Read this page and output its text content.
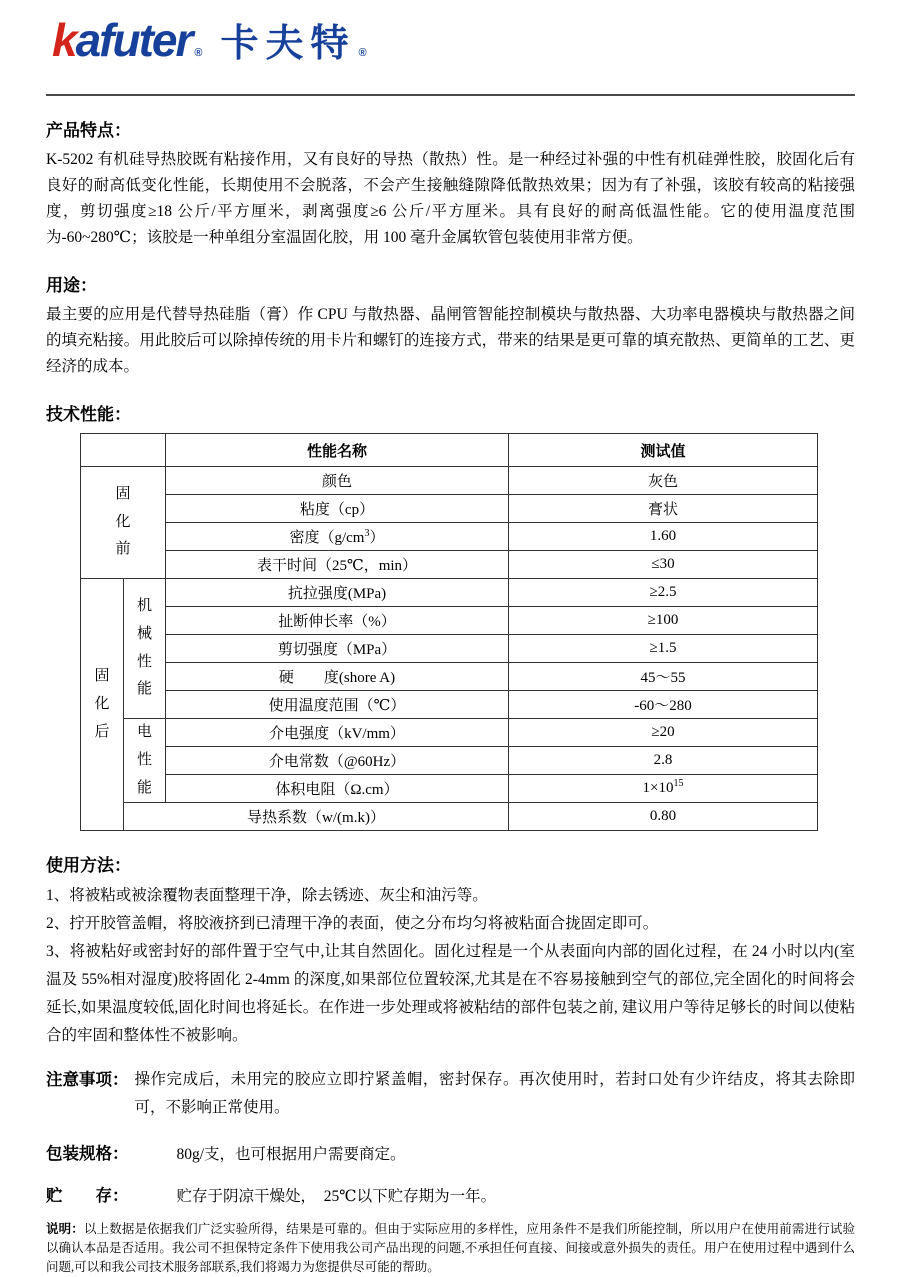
kafuter ® 卡夫特 ®
产品特点：

K-5202 有机硅导热胶既有粘接作用，又有良好的导热（散热）性。是一种经过补强的中性有机硅弹性胶，胶固化后有良好的耐高低变化性能，长期使用不会脱落，不会产生接触缝隙降低散热效果；因为有了补强，该胶有较高的粘接强度，剪切强度≥18 公斤/平方厘米，剥离强度≥6 公斤/平方厘米。具有良好的耐高低温性能。它的使用温度范围为-60~280℃；该胶是一种单组分室温固化胶，用 100 毫升金属软管包装使用非常方便。

用途：

最主要的应用是代替导热硅脂（膏）作 CPU 与散热器、晶闸管智能控制模块与散热器、大功率电器模块与散热器之间的填充粘接。用此胶后可以除掉传统的用卡片和螺钉的连接方式，带来的结果是更可靠的填充散热、更简单的工艺、更经济的成本。

技术性能：
		性能名称	测试值
固化前		颜色	灰色
		粘度（cp）	膏状
		密度$(g/cm^3)$	1.60
		表干时间（25℃，min）	≤30
固化后	机械性能	抗拉强度(MPa)	≥2.5
		扯断伸长率（%）	≥100
		剪切强度（MPa）	≥1.5
		硬　　度(shore A)	45～55
		使用温度范围（℃）	-60～280
	电性能	介电强度（kV/mm）	≥20
		介电常数（@60Hz）	2.8
		体积电阻（Ω.cm）	$1\times 10^{15}$
	导热系数（w/(m.k)）		0.80
使用方法：

1、将被粘或被涂覆物表面整理干净，除去锈迹、灰尘和油污等。

2、拧开胶管盖帽，将胶液挤到已清理干净的表面，使之分布均匀将被粘面合拢固定即可。

3、将被粘好或密封好的部件置于空气中,让其自然固化。固化过程是一个从表面向内部的固化过程，在 24 小时以内(室温及 55%相对湿度)胶将固化 2-4mm 的深度,如果部位位置较深,尤其是在不容易接触到空气的部位,完全固化的时间将会延长,如果温度较低,固化时间也将延长。在作进一步处理或将被粘结的部件包装之前, 建议用户等待足够长的时间以使粘合的牢固和整体性不被影响。

注意事项： 操作完成后，未用完的胶应立即拧紧盖帽，密封保存。再次使用时，若封口处有少许结皮，将其去除即可，不影响正常使用。
包装规格：	80g/支，也可根据用户需要商定。
贮　　存：	贮存于阴凉干燥处，　25℃以下贮存期为一年。

说明：以上数据是依据我们广泛实验所得，结果是可靠的。但由于实际应用的多样性，应用条件不是我们所能控制，所以用户在使用前需进行试验以确认本品是否适用。我公司不担保特定条件下使用我公司产品出现的问题,不承担任何直接、间接或意外损失的责任。用户在使用过程中遇到什么问题,可以和我公司技术服务部联系,我们将竭力为您提供尽可能的帮助。
